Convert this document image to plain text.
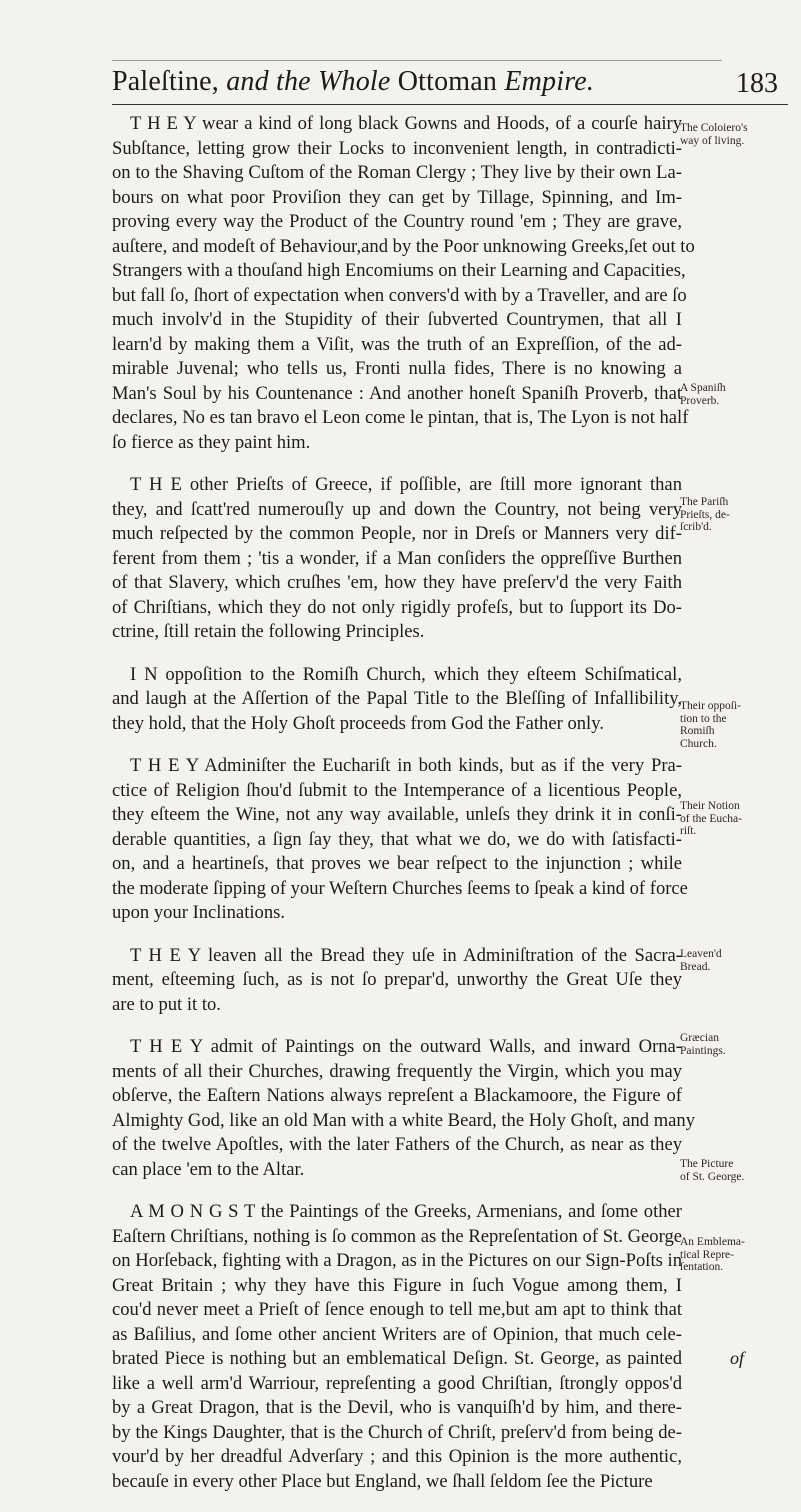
Paleſtine, and the Whole Ottoman Empire.	183
T H E Y wear a kind of long black Gowns and Hoods, of a courſe hairy
Subſtance, letting grow their Locks to inconvenient length, in contradicti-
on to the Shaving Cuſtom of the Roman Clergy ; They live by their own La-
bours on what poor Proviſion they can get by Tillage, Spinning, and Im-
proving every way the Product of the Country round 'em ; They are grave,
auſtere, and modeſt of Behaviour,and by the Poor unknowing Greeks,ſet out to
Strangers with a thouſand high Encomiums on their Learning and Capacities,
but fall ſo, ſhort of expectation when convers'd with by a Traveller, and are ſo
much involv'd in the Stupidity of their ſubverted Countrymen, that all I
learn'd by making them a Viſit, was the truth of an Expreſſion, of the ad-
mirable Juvenal; who tells us, Fronti nulla fides, There is no knowing a
Man's Soul by his Countenance : And another honeſt Spaniſh Proverb, that
declares, No es tan bravo el Leon come le pintan, that is, The Lyon is not half
ſo fierce as they paint him.
T H E other Prieſts of Greece, if poſſible, are ſtill more ignorant than
they, and ſcatt'red numerouſly up and down the Country, not being very
much reſpected by the common People, nor in Dreſs or Manners very dif-
ferent from them ; 'tis a wonder, if a Man conſiders the oppreſſive Burthen
of that Slavery, which cruſhes 'em, how they have preſerv'd the very Faith
of Chriſtians, which they do not only rigidly profeſs, but to ſupport its Do-
ctrine, ſtill retain the following Principles.
I N oppoſition to the Romiſh Church, which they eſteem Schiſmatical,
and laugh at the Aſſertion of the Papal Title to the Bleſſing of Infallibility,
they hold, that the Holy Ghoſt proceeds from God the Father only.
T H E Y Adminiſter the Euchariſt in both kinds, but as if the very Pra-
ctice of Religion ſhou'd ſubmit to the Intemperance of a licentious People,
they eſteem the Wine, not any way available, unleſs they drink it in conſi-
derable quantities, a ſign ſay they, that what we do, we do with ſatisfacti-
on, and a heartineſs, that proves we bear reſpect to the injunction ; while
the moderate ſipping of your Weſtern Churches ſeems to ſpeak a kind of force
upon your Inclinations.
T H E Y leaven all the Bread they uſe in Adminiſtration of the Sacra-
ment, eſteeming ſuch, as is not ſo prepar'd, unworthy the Great Uſe they
are to put it to.
T H E Y admit of Paintings on the outward Walls, and inward Orna-
ments of all their Churches, drawing frequently the Virgin, which you may
obſerve, the Eaſtern Nations always repreſent a Blackamoore, the Figure of
Almighty God, like an old Man with a white Beard, the Holy Ghoſt, and many
of the twelve Apoſtles, with the later Fathers of the Church, as near as they
can place 'em to the Altar.
A M O N G S T the Paintings of the Greeks, Armenians, and ſome other
Eaſtern Chriſtians, nothing is ſo common as the Repreſentation of St. George
on Horſeback, fighting with a Dragon, as in the Pictures on our Sign-Poſts in
Great Britain ; why they have this Figure in ſuch Vogue among them, I
cou'd never meet a Prieſt of ſence enough to tell me,but am apt to think that
as Baſilius, and ſome other ancient Writers are of Opinion, that much cele-
brated Piece is nothing but an emblematical Deſign. St. George, as painted
like a well arm'd Warriour, repreſenting a good Chriſtian, ſtrongly oppos'd
by a Great Dragon, that is the Devil, who is vanquiſh'd by him, and there-
by the Kings Daughter, that is the Church of Chriſt, preſerv'd from being de-
vour'd by her dreadful Adverſary ; and this Opinion is the more authentic,
becauſe in every other Place but England, we ſhall ſeldom ſee the Picture
The Coloiero's
way of living.
A Spaniſh
Proverb.
The Pariſh
Prieſts, de-
ſcrib'd.
Their oppoſi-
tion to the
Romiſh
Church.
Their Notion
of the Eucha-
riſt.
Leaven'd
Bread.
Græcian
Paintings.
The Picture
of St. George.
An Emblema-
tical Repre-
ſentation.
of
